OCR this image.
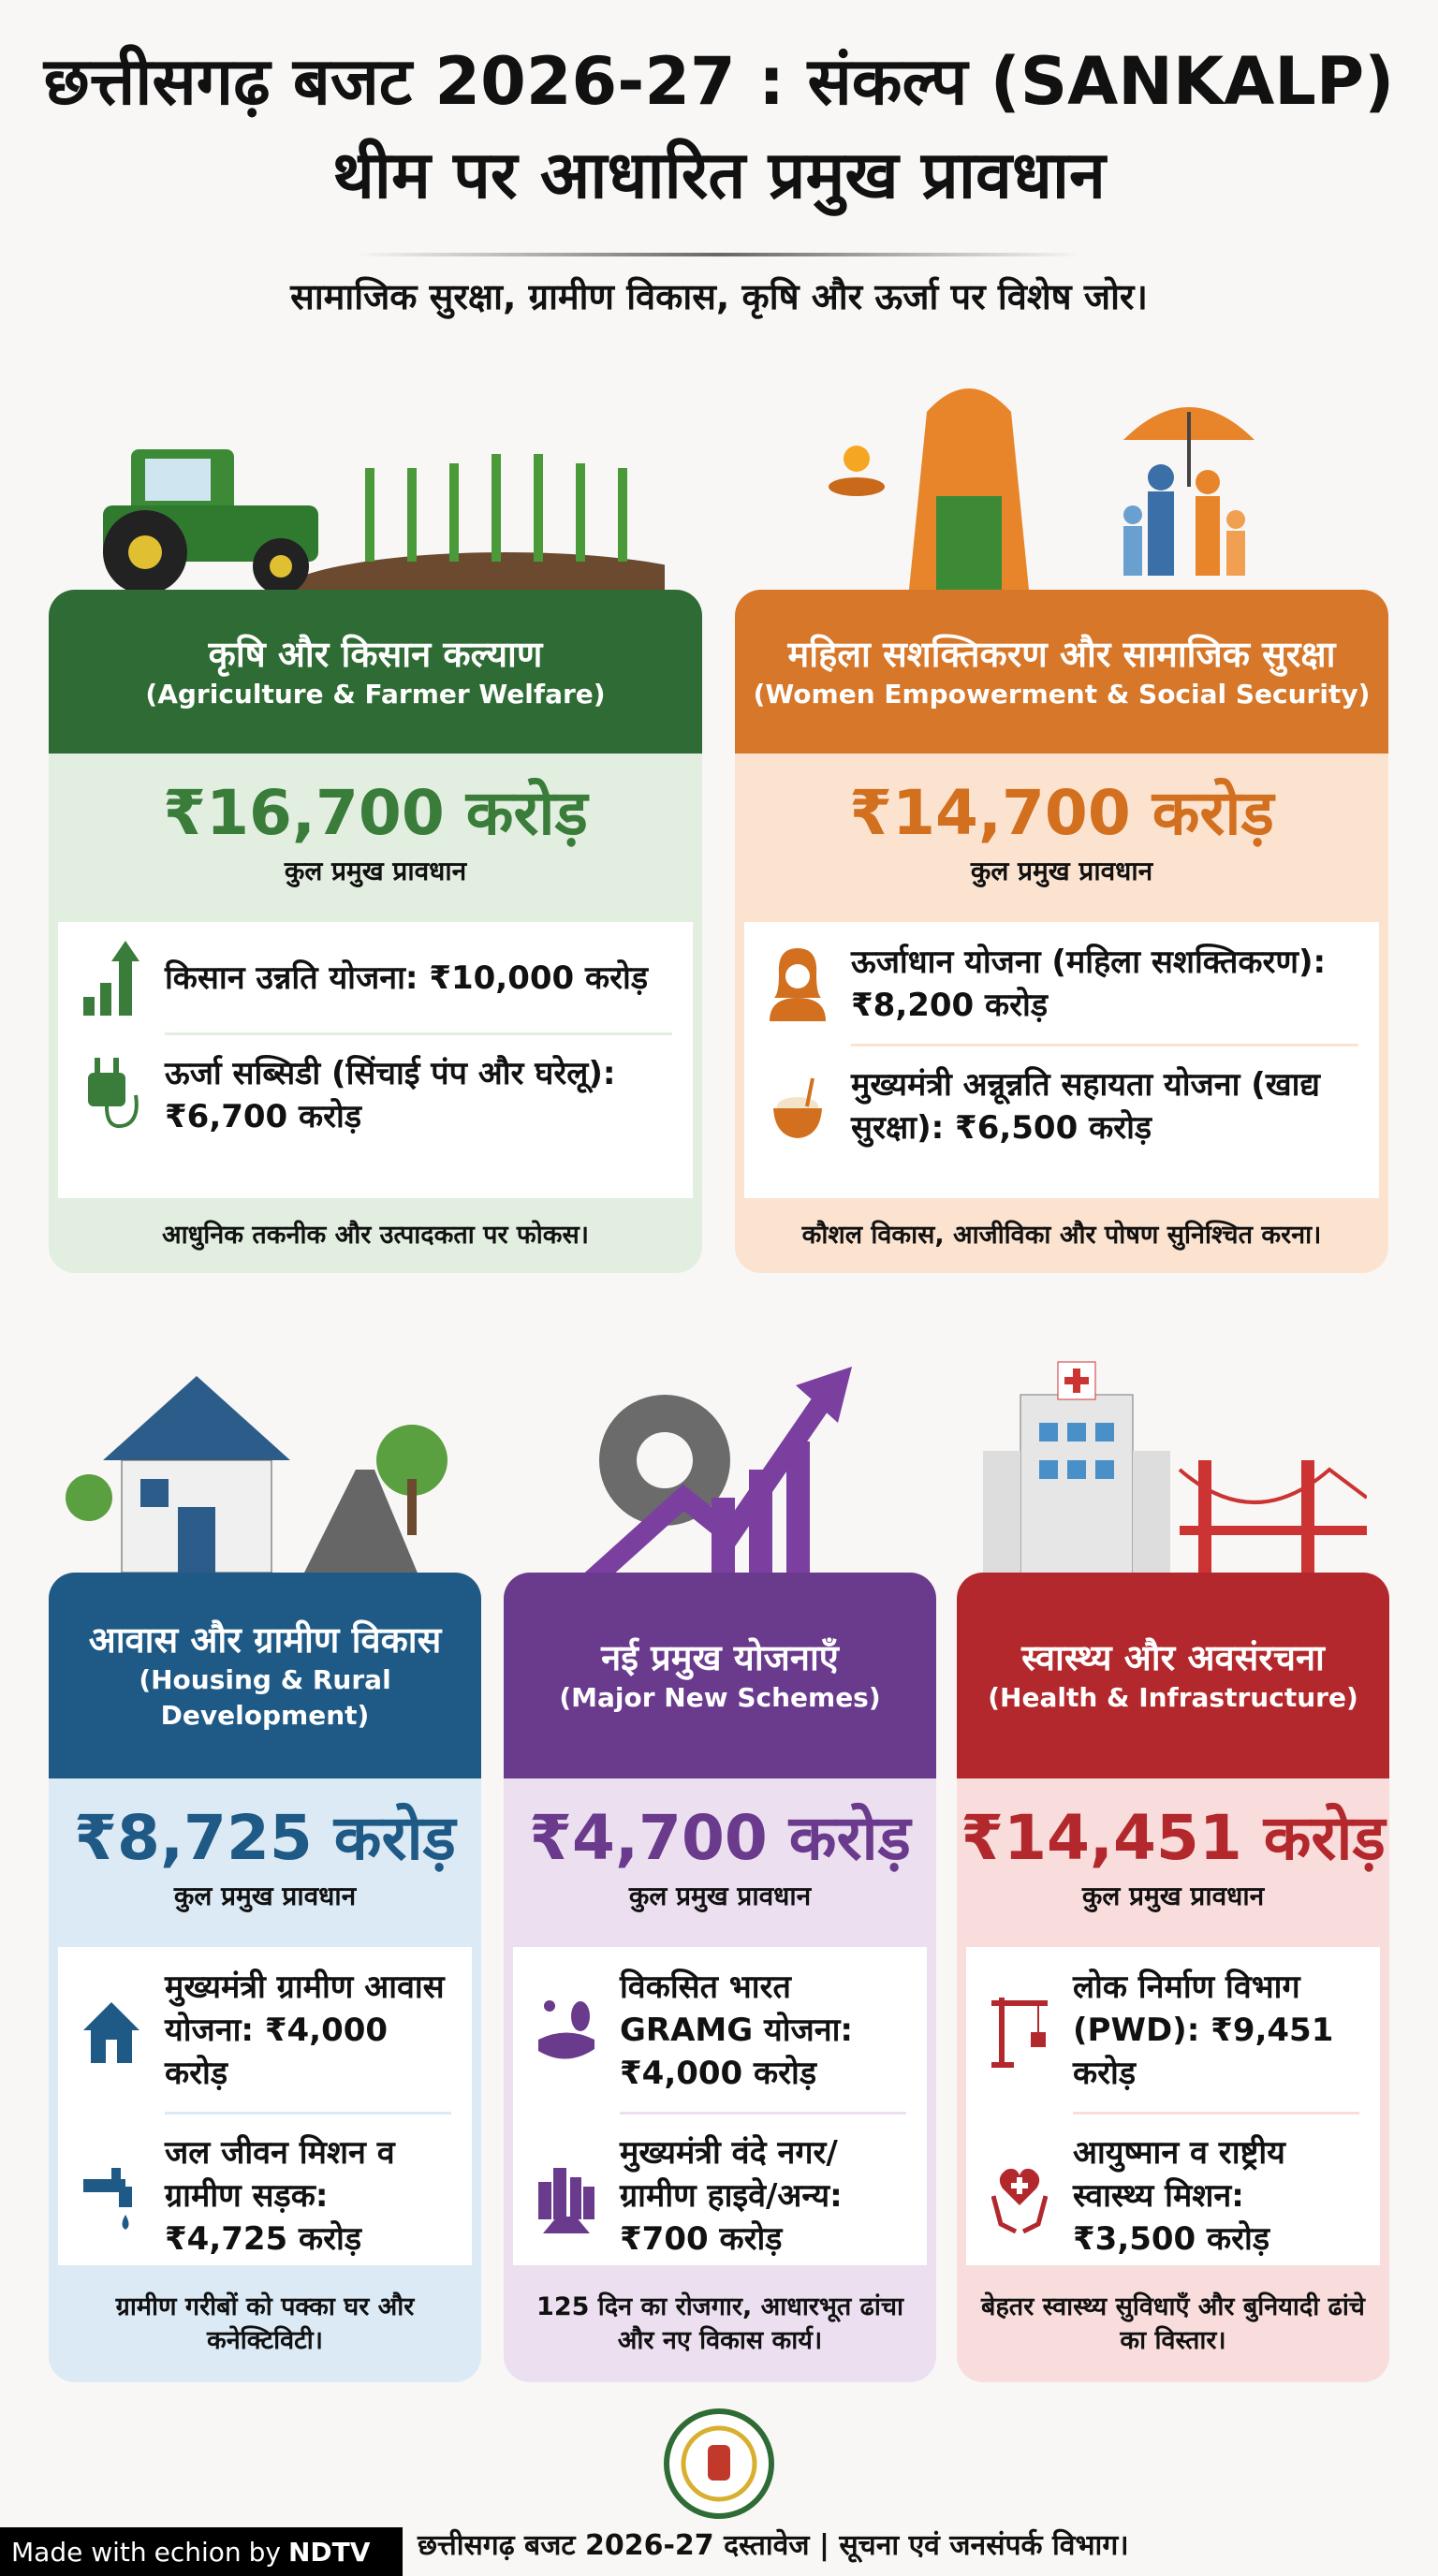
छत्तीसगढ़ बजट 2026-27 : संकल्प (SANKALP)
थीम पर आधारित प्रमुख प्रावधान
सामाजिक सुरक्षा, ग्रामीण विकास, कृषि और ऊर्जा पर विशेष जोर।
कृषि और किसान कल्याण
(Agriculture & Farmer Welfare)
₹16,700 करोड़
कुल प्रमुख प्रावधान
किसान उन्नति योजना: ₹10,000 करोड़
ऊर्जा सब्सिडी (सिंचाई पंप और घरेलू): ₹6,700 करोड़
आधुनिक तकनीक और उत्पादकता पर फोकस।
महिला सशक्तिकरण और सामाजिक सुरक्षा
(Women Empowerment & Social Security)
₹14,700 करोड़
कुल प्रमुख प्रावधान
ऊर्जाधान योजना (महिला सशक्तिकरण): ₹8,200 करोड़
मुख्यमंत्री अन्नून्नति सहायता योजना (खाद्य सुरक्षा): ₹6,500 करोड़
कौशल विकास, आजीविका और पोषण सुनिश्चित करना।
आवास और ग्रामीण विकास
(Housing & Rural Development)
₹8,725 करोड़
कुल प्रमुख प्रावधान
मुख्यमंत्री ग्रामीण आवास योजना: ₹4,000 करोड़
जल जीवन मिशन व ग्रामीण सड़क: ₹4,725 करोड़
ग्रामीण गरीबों को पक्का घर और कनेक्टिविटी।
नई प्रमुख योजनाएँ
(Major New Schemes)
₹4,700 करोड़
कुल प्रमुख प्रावधान
विकसित भारत GRAMG योजना: ₹4,000 करोड़
मुख्यमंत्री वंदे नगर/ग्रामीण हाइवे/अन्य: ₹700 करोड़
125 दिन का रोजगार, आधारभूत ढांचा और नए विकास कार्य।
स्वास्थ्य और अवसंरचना
(Health & Infrastructure)
₹14,451 करोड़
कुल प्रमुख प्रावधान
लोक निर्माण विभाग (PWD): ₹9,451 करोड़
आयुष्मान व राष्ट्रीय स्वास्थ्य मिशन: ₹3,500 करोड़
बेहतर स्वास्थ्य सुविधाएँ और बुनियादी ढांचे का विस्तार।
छत्तीसगढ़ बजट 2026-27 दस्तावेज | सूचना एवं जनसंपर्क विभाग।
Made with echion by NDTV
